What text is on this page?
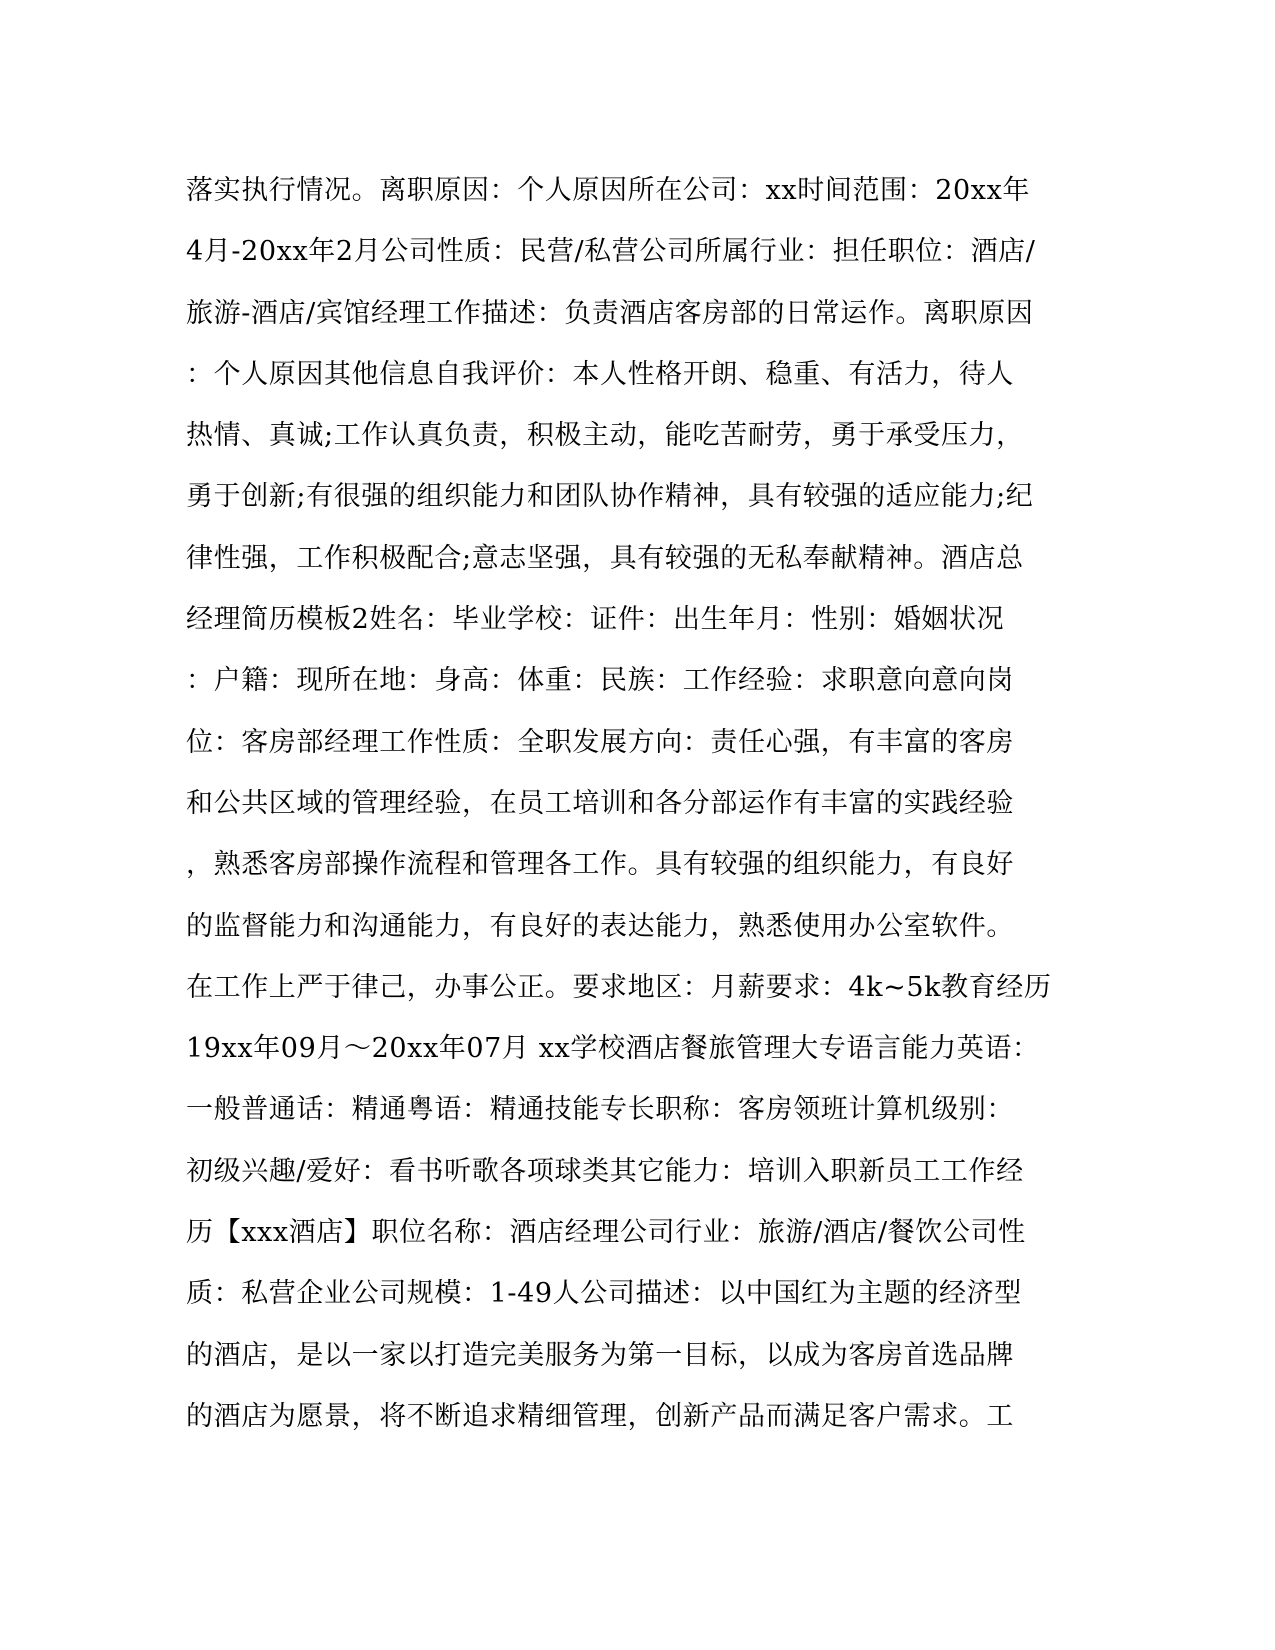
落实执行情况。离职原因：个人原因所在公司：xx时间范围：20xx年
4月-20xx年2月公司性质：民营/私营公司所属行业：担任职位：酒店/
旅游-酒店/宾馆经理工作描述：负责酒店客房部的日常运作。离职原因
：个人原因其他信息自我评价：本人性格开朗、稳重、有活力，待人
热情、真诚;工作认真负责，积极主动，能吃苦耐劳，勇于承受压力，
勇于创新;有很强的组织能力和团队协作精神，具有较强的适应能力;纪
律性强，工作积极配合;意志坚强，具有较强的无私奉献精神。酒店总
经理简历模板2姓名：毕业学校：证件：出生年月：性别：婚姻状况
：户籍：现所在地：身高：体重：民族：工作经验：求职意向意向岗
位：客房部经理工作性质：全职发展方向：责任心强，有丰富的客房
和公共区域的管理经验，在员工培训和各分部运作有丰富的实践经验
，熟悉客房部操作流程和管理各工作。具有较强的组织能力，有良好
的监督能力和沟通能力，有良好的表达能力，熟悉使用办公室软件。
在工作上严于律己，办事公正。要求地区：月薪要求：4k~5k教育经历
19xx年09月～20xx年07月 xx学校酒店餐旅管理大专语言能力英语：
一般普通话：精通粤语：精通技能专长职称：客房领班计算机级别：
初级兴趣/爱好：看书听歌各项球类其它能力：培训入职新员工工作经
历【xxx酒店】职位名称：酒店经理公司行业：旅游/酒店/餐饮公司性
质：私营企业公司规模：1-49人公司描述：以中国红为主题的经济型
的酒店，是以一家以打造完美服务为第一目标，以成为客房首选品牌
的酒店为愿景，将不断追求精细管理，创新产品而满足客户需求。工
